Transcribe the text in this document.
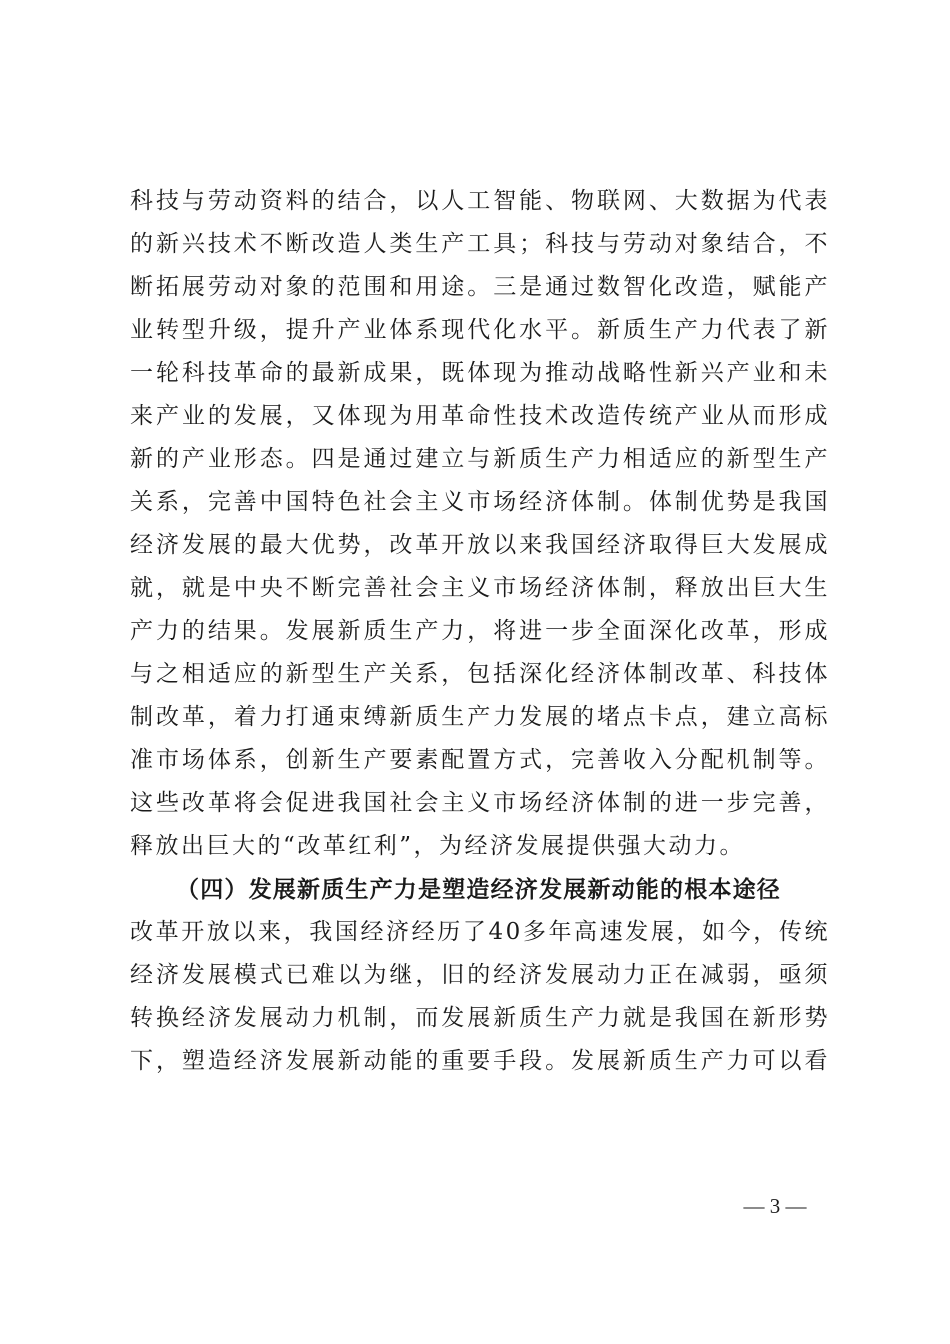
科技与劳动资料的结合，以人工智能、物联网、大数据为代表
的新兴技术不断改造人类生产工具；科技与劳动对象结合，不
断拓展劳动对象的范围和用途。三是通过数智化改造，赋能产
业转型升级，提升产业体系现代化水平。新质生产力代表了新
一轮科技革命的最新成果，既体现为推动战略性新兴产业和未
来产业的发展，又体现为用革命性技术改造传统产业从而形成
新的产业形态。四是通过建立与新质生产力相适应的新型生产
关系，完善中国特色社会主义市场经济体制。体制优势是我国
经济发展的最大优势，改革开放以来我国经济取得巨大发展成
就，就是中央不断完善社会主义市场经济体制，释放出巨大生
产力的结果。发展新质生产力，将进一步全面深化改革，形成
与之相适应的新型生产关系，包括深化经济体制改革、科技体
制改革，着力打通束缚新质生产力发展的堵点卡点，建立高标
准市场体系，创新生产要素配置方式，完善收入分配机制等。
这些改革将会促进我国社会主义市场经济体制的进一步完善，
释放出巨大的“改革红利”，为经济发展提供强大动力。
（四）发展新质生产力是塑造经济发展新动能的根本途径
改革开放以来，我国经济经历了40多年高速发展，如今，传统
经济发展模式已难以为继，旧的经济发展动力正在减弱，亟须
转换经济发展动力机制，而发展新质生产力就是我国在新形势
下，塑造经济发展新动能的重要手段。发展新质生产力可以看
— 3 —
